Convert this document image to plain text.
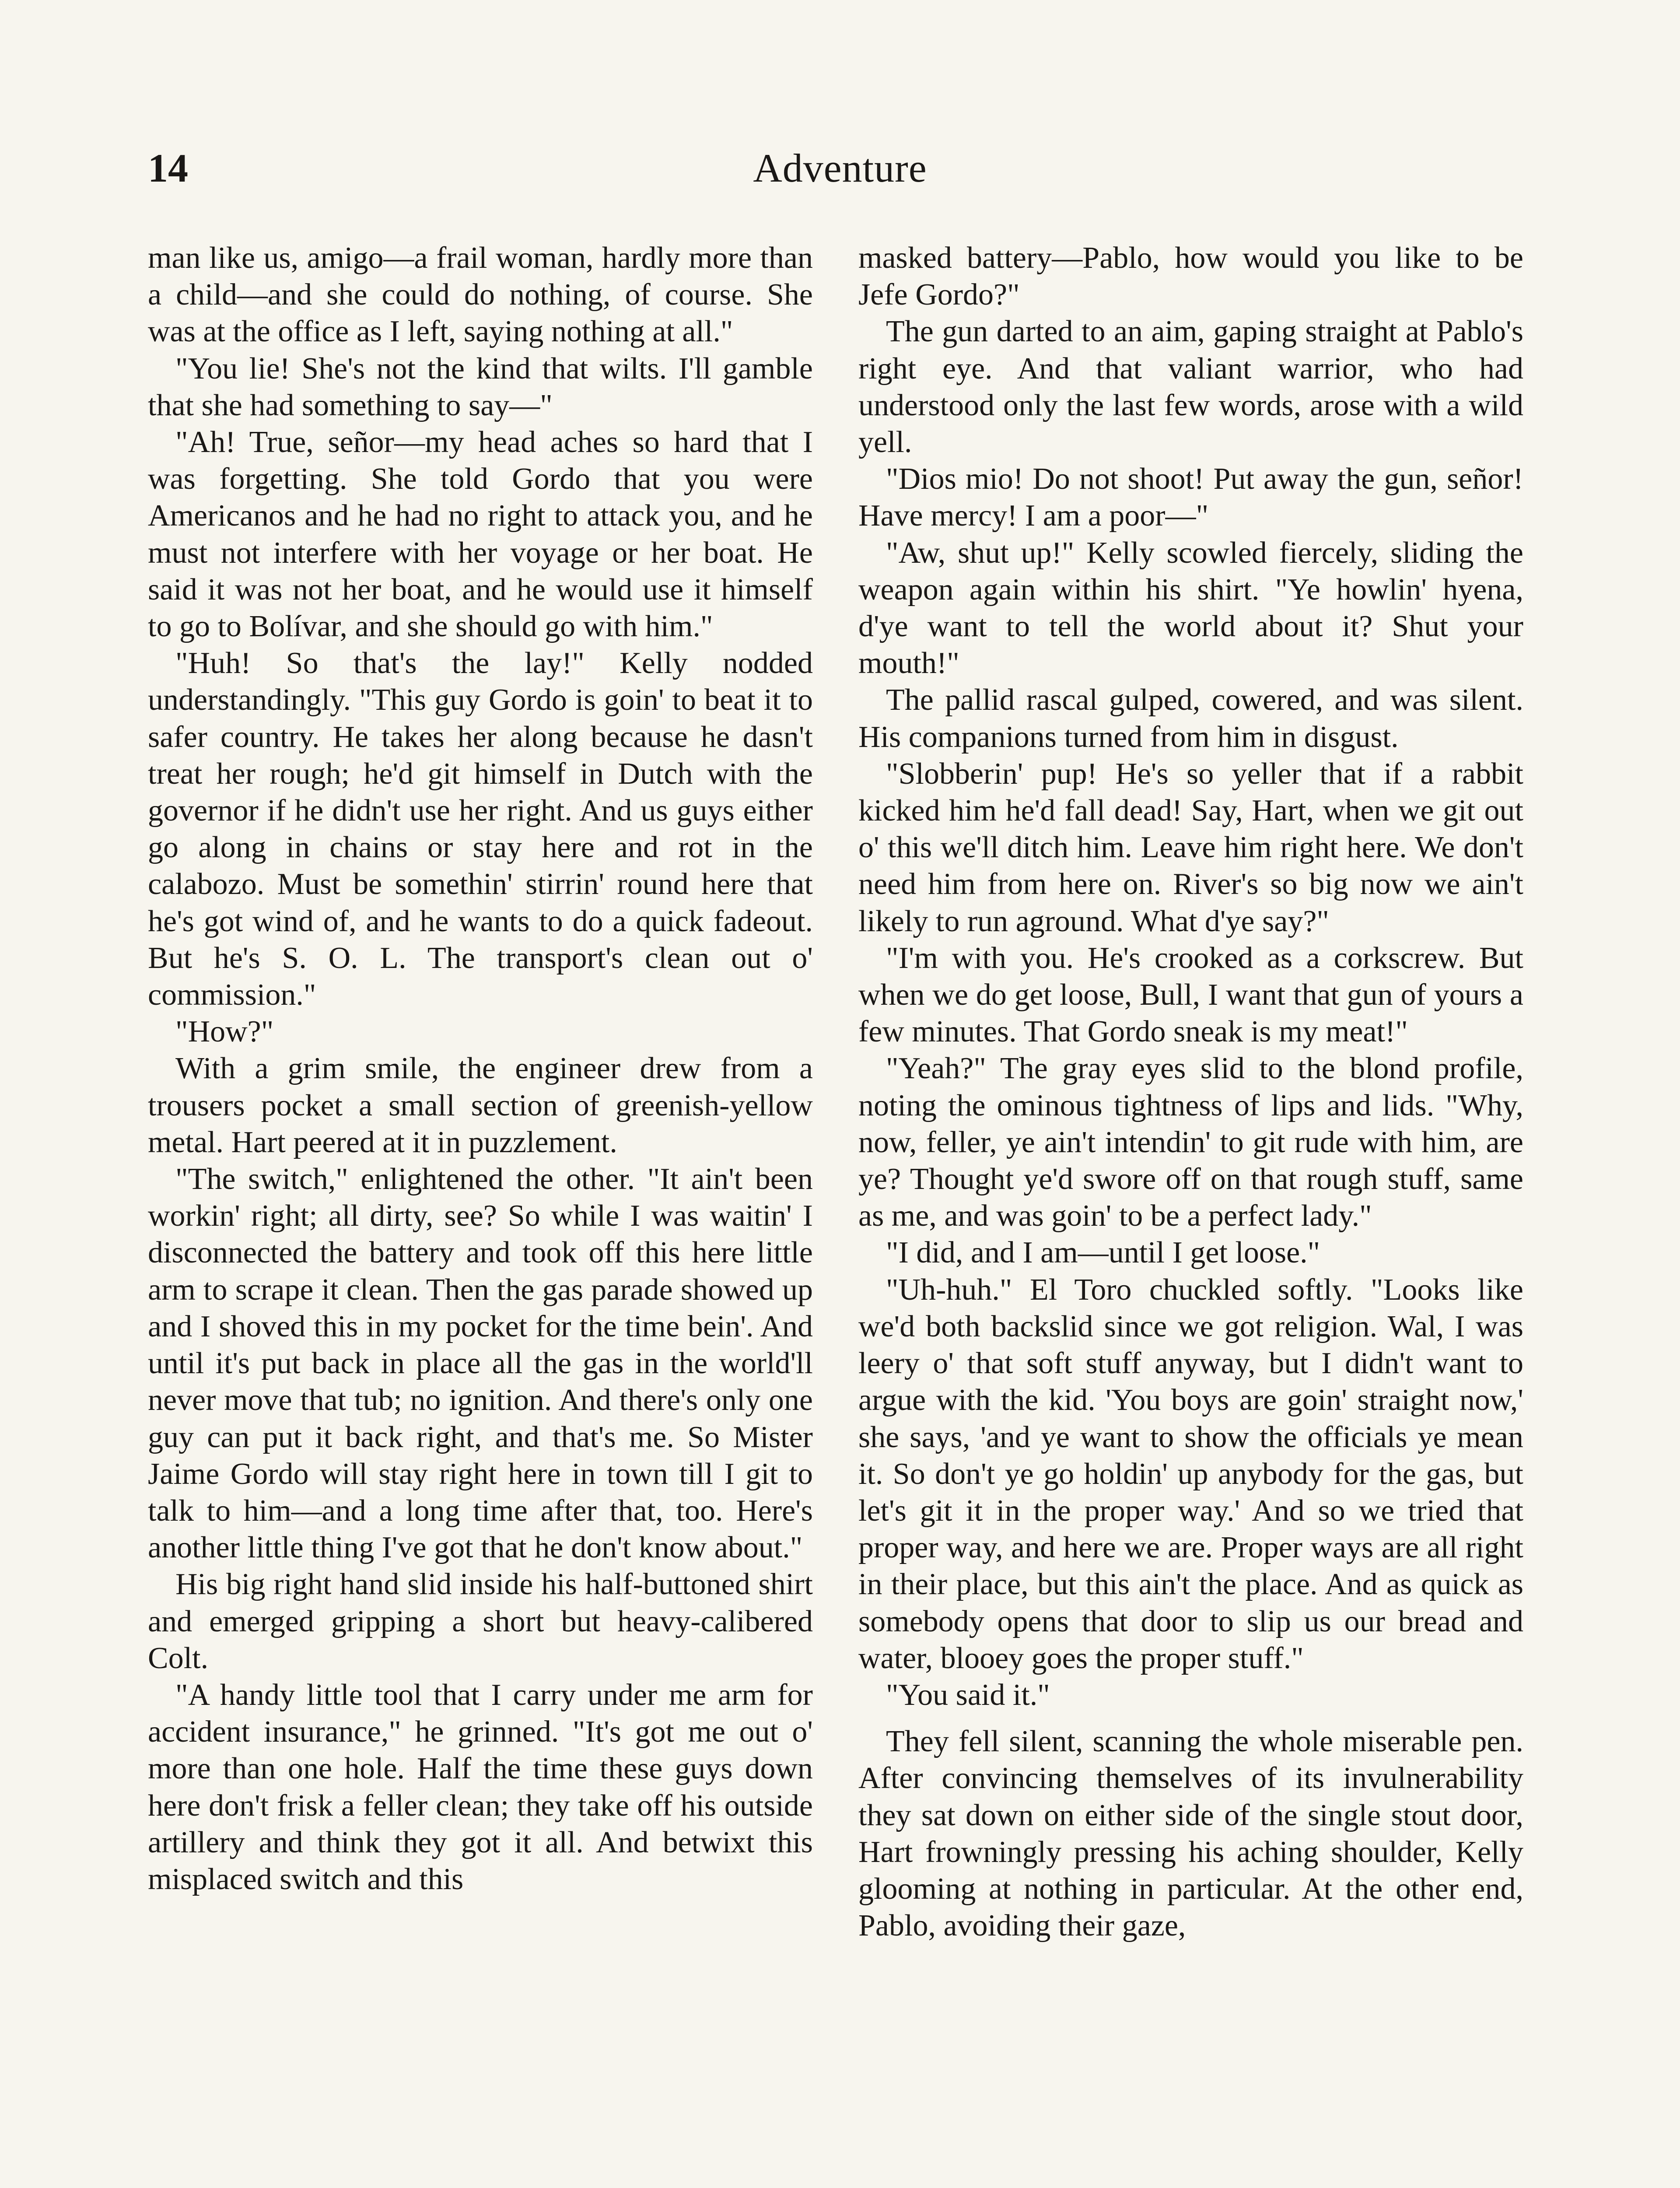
14	Adventure

man like us, amigo—a frail woman, hardly more than a child—and she could do nothing, of course. She was at the office as I left, saying nothing at all."

"You lie! She's not the kind that wilts. I'll gamble that she had something to say—"

"Ah! True, señor—my head aches so hard that I was forgetting. She told Gordo that you were Americanos and he had no right to attack you, and he must not interfere with her voyage or her boat. He said it was not her boat, and he would use it himself to go to Bolívar, and she should go with him."

"Huh! So that's the lay!" Kelly nodded understandingly. "This guy Gordo is goin' to beat it to safer country. He takes her along because he dasn't treat her rough; he'd git himself in Dutch with the governor if he didn't use her right. And us guys either go along in chains or stay here and rot in the calabozo. Must be somethin' stirrin' round here that he's got wind of, and he wants to do a quick fadeout. But he's S. O. L. The transport's clean out o' commission."

"How?"

With a grim smile, the engineer drew from a trousers pocket a small section of greenish-yellow metal. Hart peered at it in puzzlement.

"The switch," enlightened the other. "It ain't been workin' right; all dirty, see? So while I was waitin' I disconnected the battery and took off this here little arm to scrape it clean. Then the gas parade showed up and I shoved this in my pocket for the time bein'. And until it's put back in place all the gas in the world'll never move that tub; no ignition. And there's only one guy can put it back right, and that's me. So Mister Jaime Gordo will stay right here in town till I git to talk to him—and a long time after that, too. Here's another little thing I've got that he don't know about."

His big right hand slid inside his half-buttoned shirt and emerged gripping a short but heavy-calibered Colt.

"A handy little tool that I carry under me arm for accident insurance," he grinned. "It's got me out o' more than one hole. Half the time these guys down here don't frisk a feller clean; they take off his outside artillery and think they got it all. And betwixt this misplaced switch and this

masked battery—Pablo, how would you like to be Jefe Gordo?"

The gun darted to an aim, gaping straight at Pablo's right eye. And that valiant warrior, who had understood only the last few words, arose with a wild yell.

"Dios mio! Do not shoot! Put away the gun, señor! Have mercy! I am a poor—"

"Aw, shut up!" Kelly scowled fiercely, sliding the weapon again within his shirt. "Ye howlin' hyena, d'ye want to tell the world about it? Shut your mouth!"

The pallid rascal gulped, cowered, and was silent. His companions turned from him in disgust.

"Slobberin' pup! He's so yeller that if a rabbit kicked him he'd fall dead! Say, Hart, when we git out o' this we'll ditch him. Leave him right here. We don't need him from here on. River's so big now we ain't likely to run aground. What d'ye say?"

"I'm with you. He's crooked as a corkscrew. But when we do get loose, Bull, I want that gun of yours a few minutes. That Gordo sneak is my meat!"

"Yeah?" The gray eyes slid to the blond profile, noting the ominous tightness of lips and lids. "Why, now, feller, ye ain't intendin' to git rude with him, are ye? Thought ye'd swore off on that rough stuff, same as me, and was goin' to be a perfect lady."

"I did, and I am—until I get loose."

"Uh-huh." El Toro chuckled softly. "Looks like we'd both backslid since we got religion. Wal, I was leery o' that soft stuff anyway, but I didn't want to argue with the kid. 'You boys are goin' straight now,' she says, 'and ye want to show the officials ye mean it. So don't ye go holdin' up anybody for the gas, but let's git it in the proper way.' And so we tried that proper way, and here we are. Proper ways are all right in their place, but this ain't the place. And as quick as somebody opens that door to slip us our bread and water, blooey goes the proper stuff."

"You said it."

They fell silent, scanning the whole miserable pen. After convincing themselves of its invulnerability they sat down on either side of the single stout door, Hart frowningly pressing his aching shoulder, Kelly glooming at nothing in particular. At the other end, Pablo, avoiding their gaze,
